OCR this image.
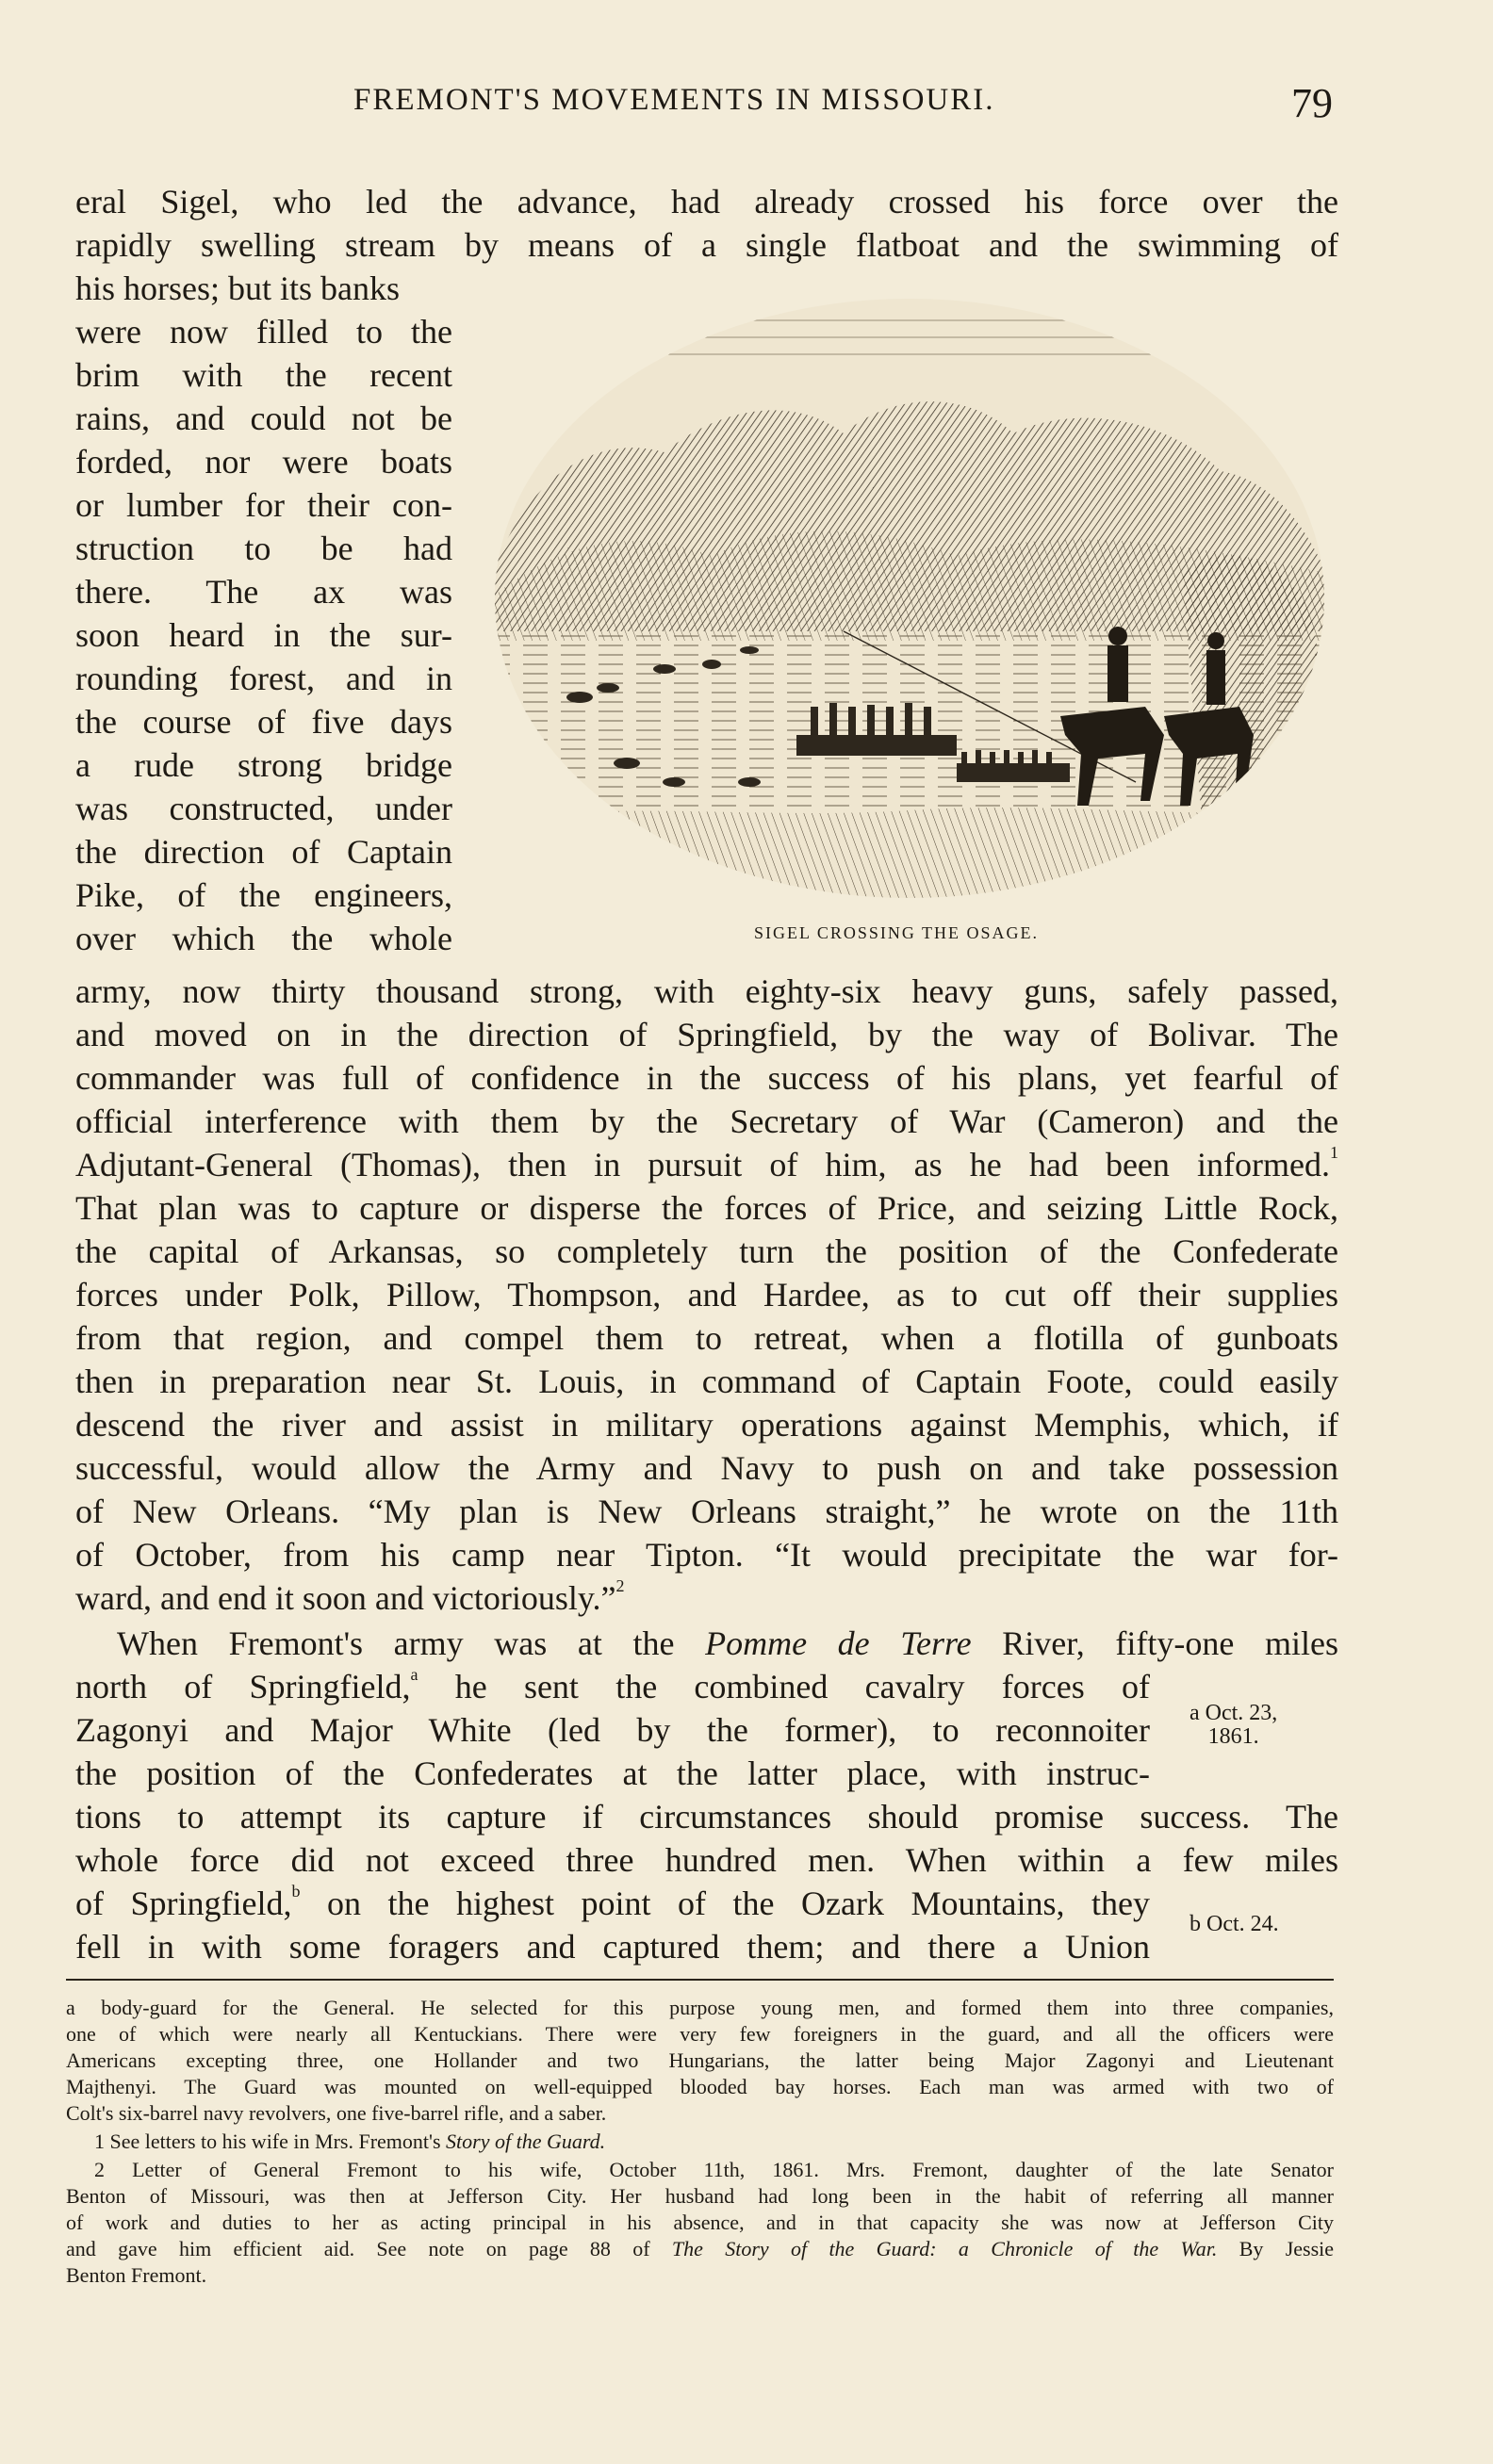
FREMONT'S MOVEMENTS IN MISSOURI.	79
eral Sigel, who led the advance, had already crossed his force over the
rapidly swelling stream by means of a single flatboat and the swimming of
his horses; but its banks
were now filled to the
brim with the recent
rains, and could not be
forded, nor were boats
or lumber for their con-
struction to be had
there. The ax was
soon heard in the sur-
rounding forest, and in
the course of five days
a rude strong bridge
was constructed, under
the direction of Captain
Pike, of the engineers,
over which the whole	SIGEL CROSSING THE OSAGE.
army, now thirty thousand strong, with eighty-six heavy guns, safely passed,
and moved on in the direction of Springfield, by the way of Bolivar. The
commander was full of confidence in the success of his plans, yet fearful of
official interference with them by the Secretary of War (Cameron) and the
Adjutant-General (Thomas), then in pursuit of him, as he had been informed.$^1$
That plan was to capture or disperse the forces of Price, and seizing Little Rock,
the capital of Arkansas, so completely turn the position of the Confederate
forces under Polk, Pillow, Thompson, and Hardee, as to cut off their supplies
from that region, and compel them to retreat, when a flotilla of gunboats
then in preparation near St. Louis, in command of Captain Foote, could easily
descend the river and assist in military operations against Memphis, which, if
successful, would allow the Army and Navy to push on and take possession
of New Orleans. “My plan is New Orleans straight,” he wrote on the 11th
of October, from his camp near Tipton. “It would precipitate the war for-
ward, and end it soon and victoriously.”$^2$
When Fremont's army was at the Pomme de Terre River, fifty-one miles
north of Springfield,$^a$ he sent the combined cavalry forces of
Zagonyi and Major White (led by the former), to reconnoiter
the position of the Confederates at the latter place, with instruc-
tions to attempt its capture if circumstances should promise success. The
whole force did not exceed three hundred men. When within a few miles
of Springfield,$^b$ on the highest point of the Ozark Mountains, they
fell in with some foragers and captured them; and there a Union
a Oct. 23,
1861.
b Oct. 24.
a body-guard for the General. He selected for this purpose young men, and formed them into three companies,
one of which were nearly all Kentuckians. There were very few foreigners in the guard, and all the officers were
Americans excepting three, one Hollander and two Hungarians, the latter being Major Zagonyi and Lieutenant
Majthenyi. The Guard was mounted on well-equipped blooded bay horses. Each man was armed with two of
Colt's six-barrel navy revolvers, one five-barrel rifle, and a saber.
1 See letters to his wife in Mrs. Fremont's Story of the Guard.
2 Letter of General Fremont to his wife, October 11th, 1861. Mrs. Fremont, daughter of the late Senator
Benton of Missouri, was then at Jefferson City. Her husband had long been in the habit of referring all manner
of work and duties to her as acting principal in his absence, and in that capacity she was now at Jefferson City
and gave him efficient aid. See note on page 88 of The Story of the Guard: a Chronicle of the War. By Jessie
Benton Fremont.
